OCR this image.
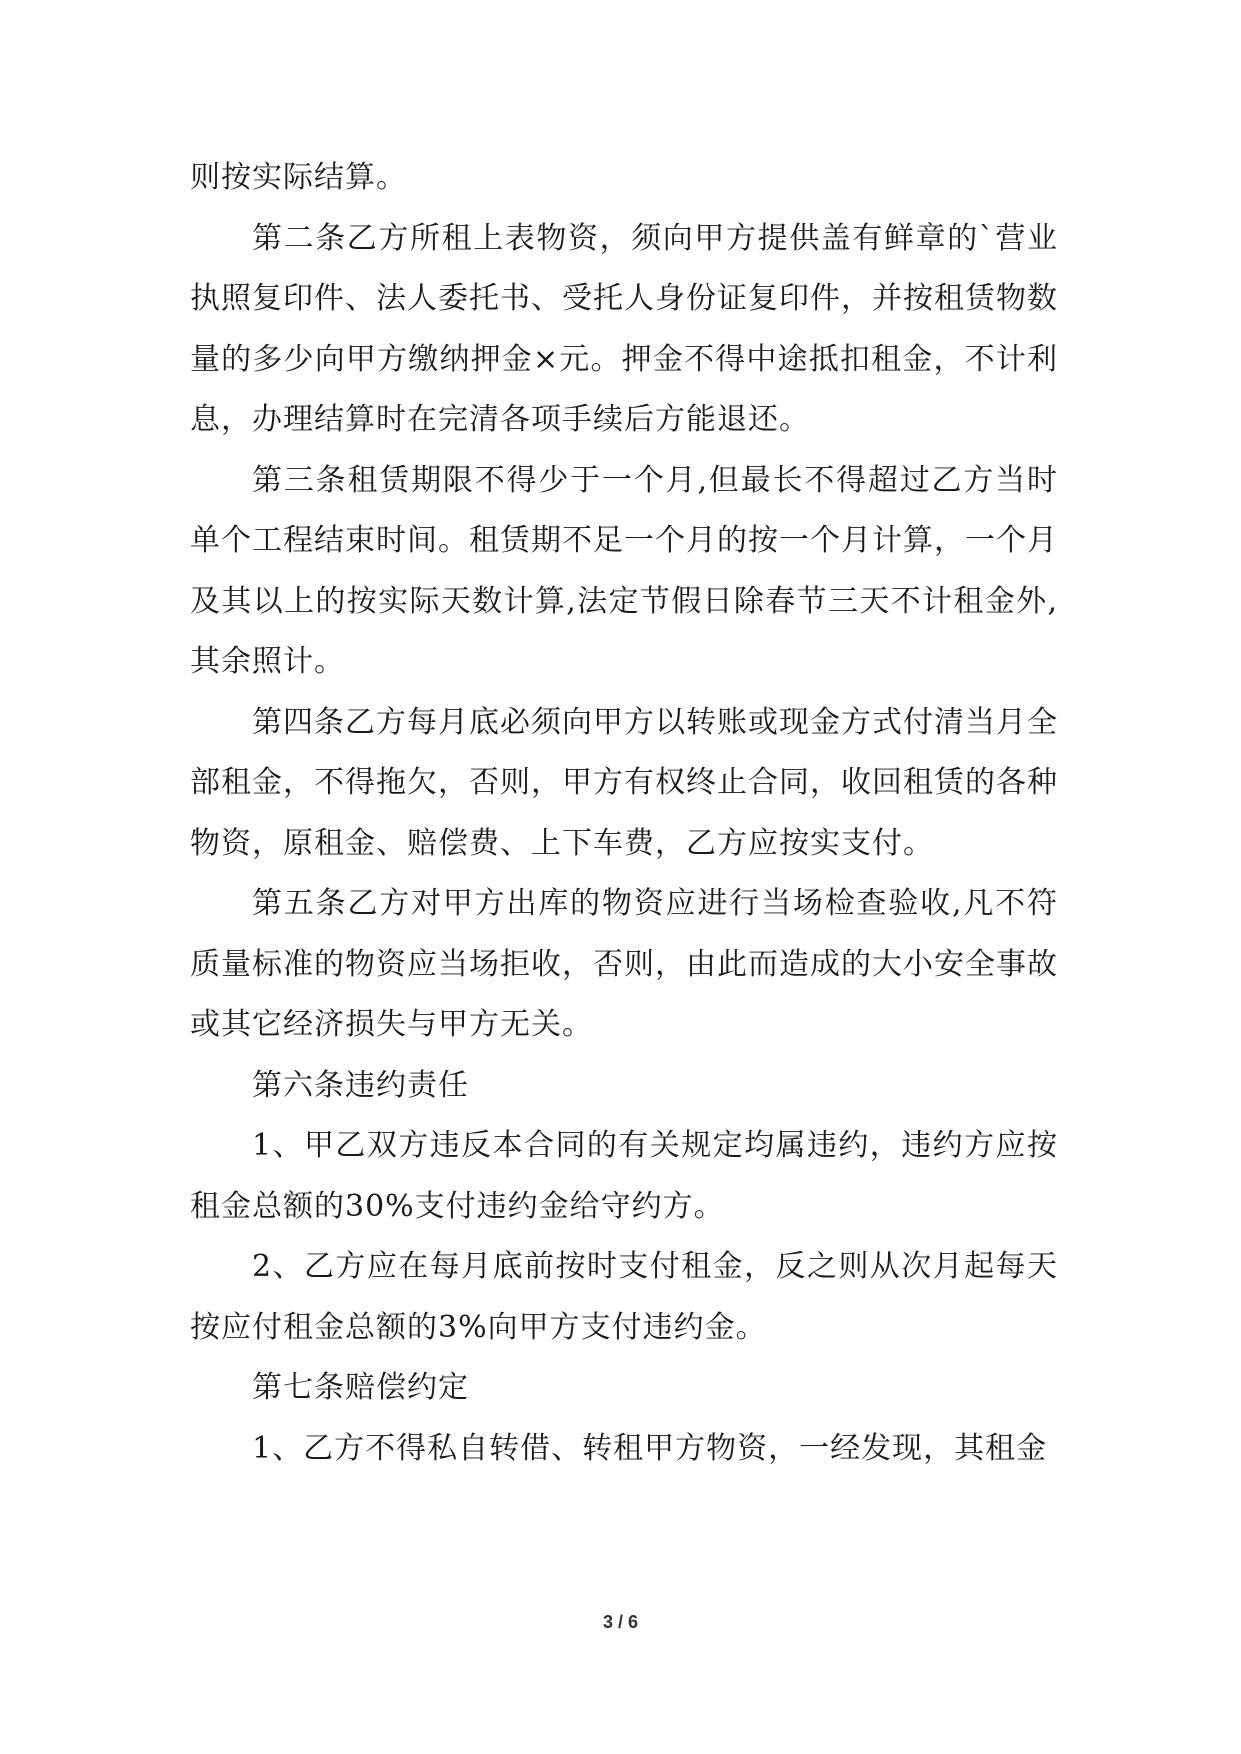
则按实际结算。

第二条乙方所租上表物资，须向甲方提供盖有鲜章的`营业执照复印件、法人委托书、受托人身份证复印件，并按租赁物数量的多少向甲方缴纳押金×元。押金不得中途抵扣租金，不计利息，办理结算时在完清各项手续后方能退还。

第三条租赁期限不得少于一个月,但最长不得超过乙方当时单个工程结束时间。租赁期不足一个月的按一个月计算，一个月及其以上的按实际天数计算,法定节假日除春节三天不计租金外,其余照计。

第四条乙方每月底必须向甲方以转账或现金方式付清当月全部租金，不得拖欠，否则，甲方有权终止合同，收回租赁的各种物资，原租金、赔偿费、上下车费，乙方应按实支付。

第五条乙方对甲方出库的物资应进行当场检查验收,凡不符质量标准的物资应当场拒收，否则，由此而造成的大小安全事故或其它经济损失与甲方无关。

第六条违约责任

1、甲乙双方违反本合同的有关规定均属违约，违约方应按租金总额的30%支付违约金给守约方。

2、乙方应在每月底前按时支付租金，反之则从次月起每天按应付租金总额的3%向甲方支付违约金。

第七条赔偿约定

1、乙方不得私自转借、转租甲方物资，一经发现，其租金

3 / 6
